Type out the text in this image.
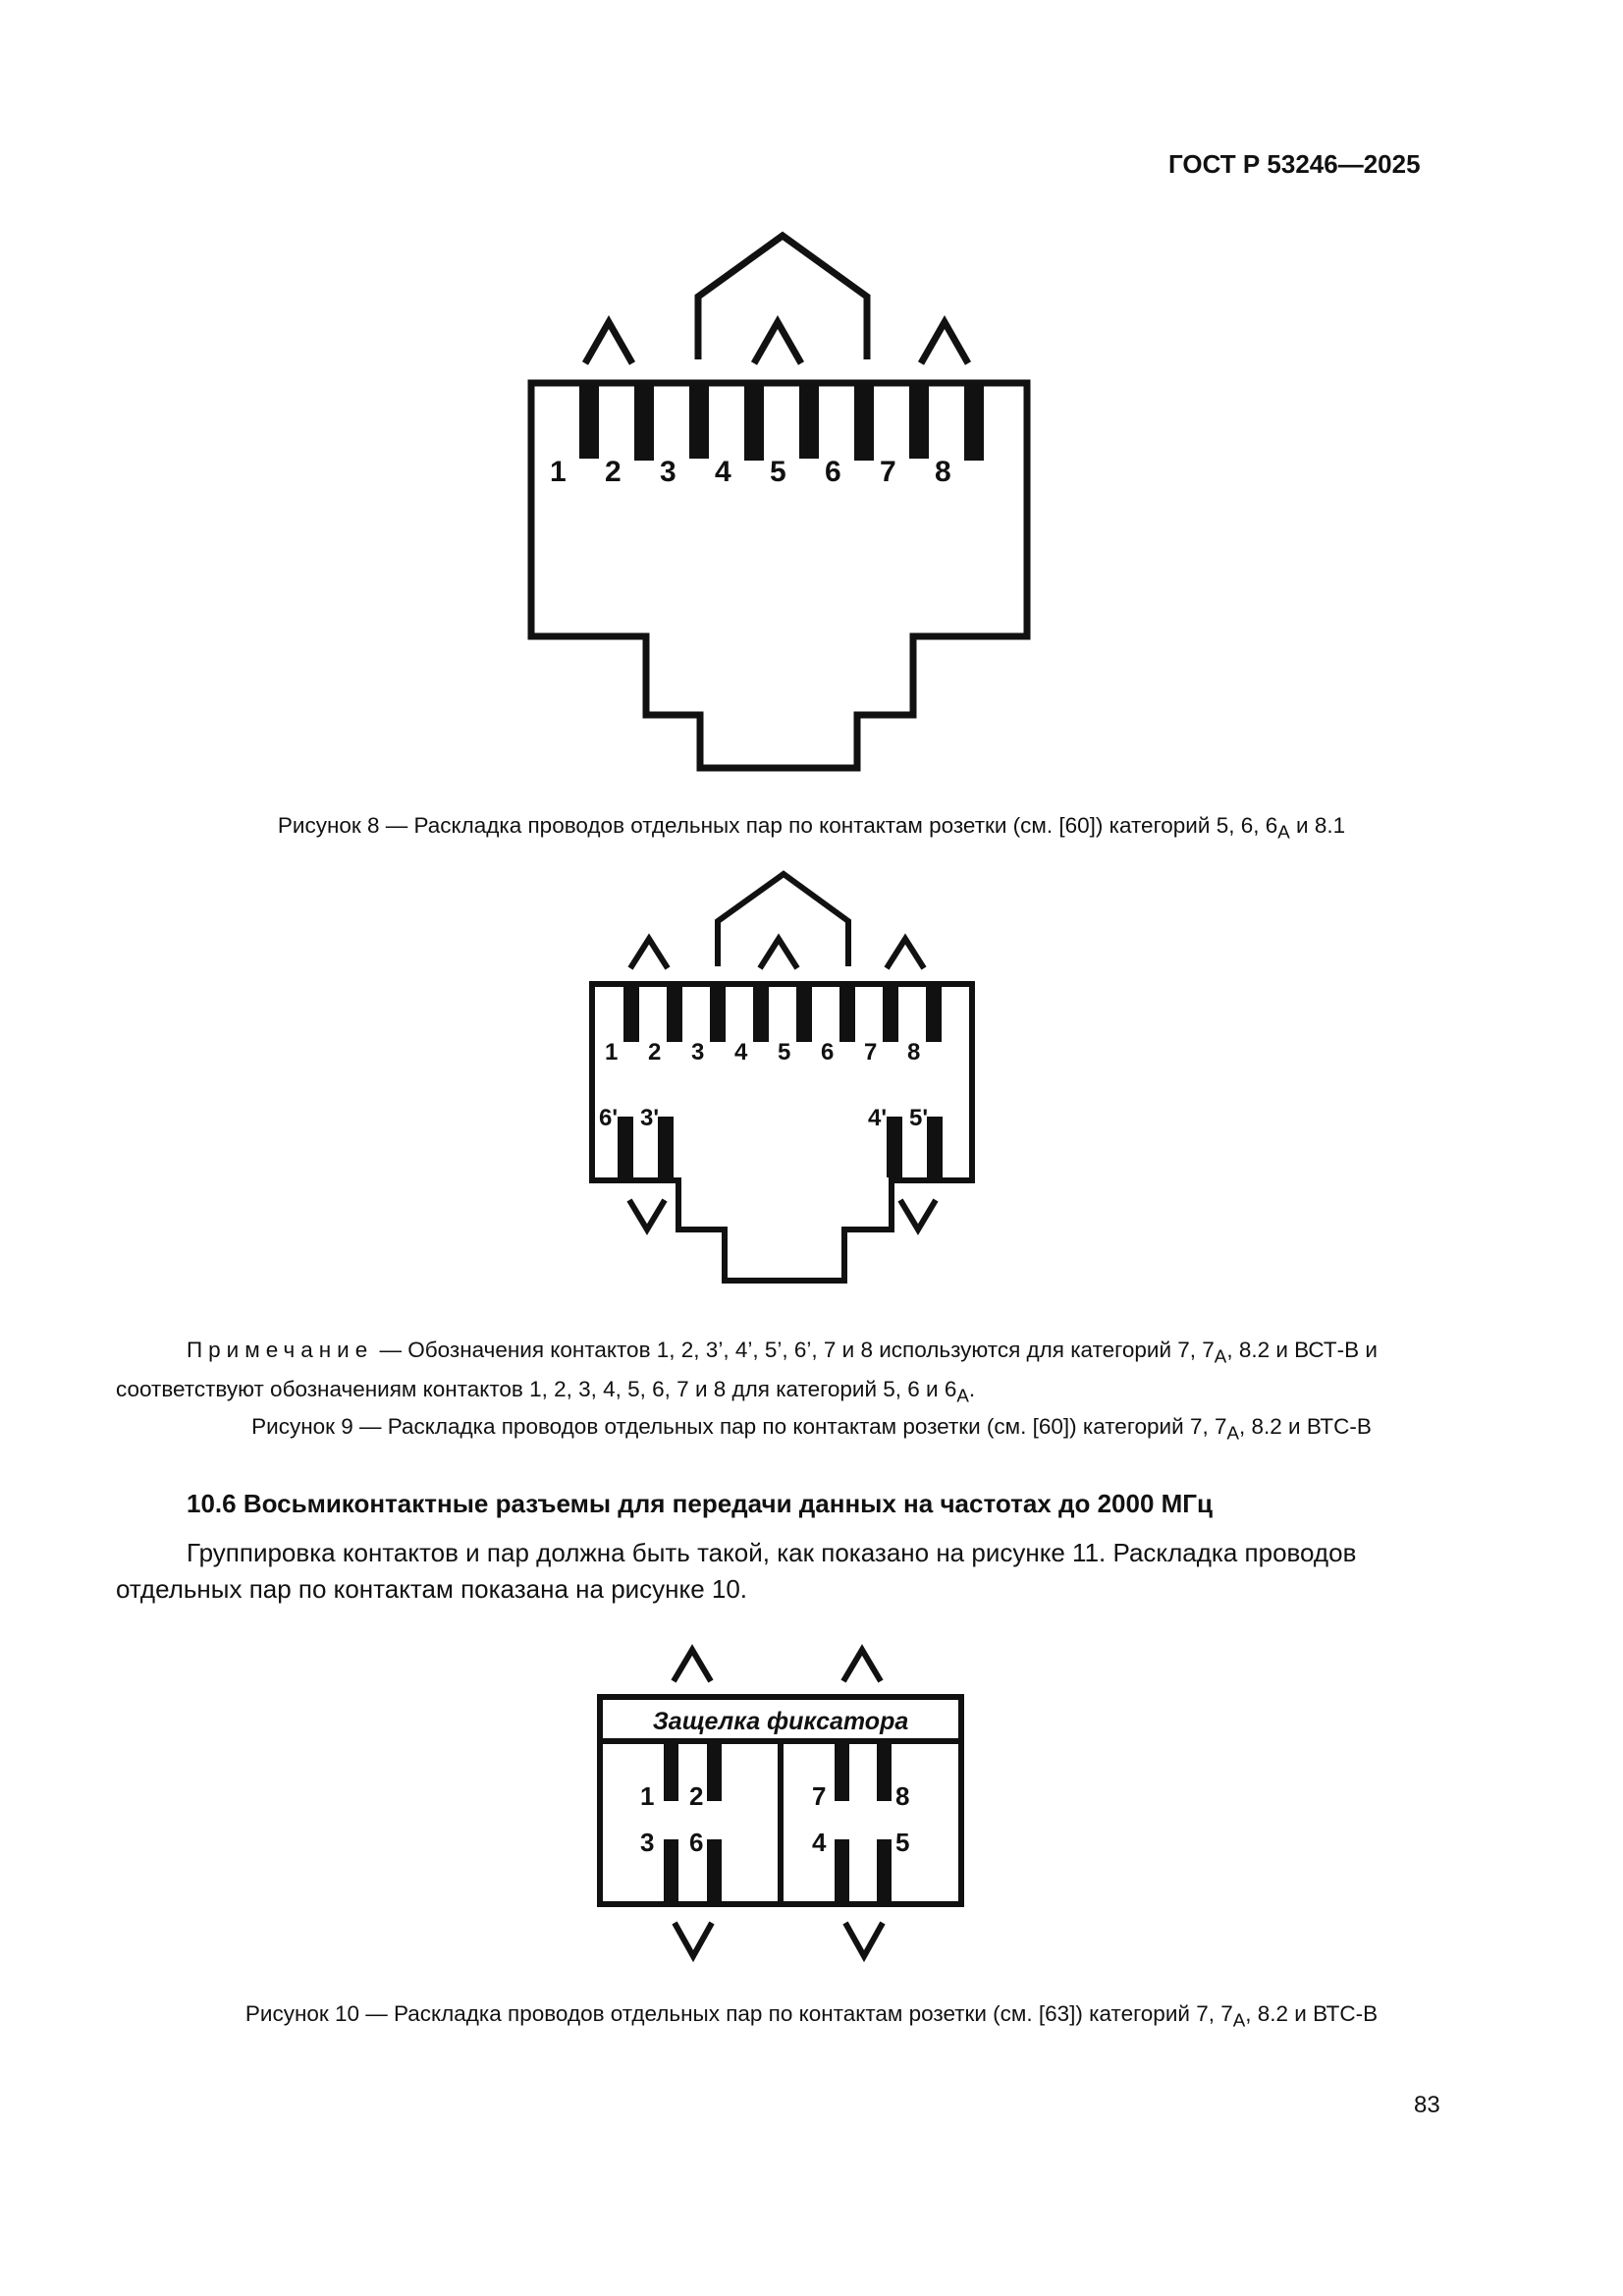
ГОСТ Р 53246—2025
1 2 3 4 5 6 7 8
Рисунок 8 — Раскладка проводов отдельных пар по контактам розетки (см. [60]) категорий 5, 6, $6_A$ и 8.1
1 2 3 4 5 6 7 8
6' 3'	4' 5'
Примечание — Обозначения контактов 1, 2, 3’, 4’, 5’, 6’, 7 и 8 используются для категорий 7, $7_A$, 8.2 и ВСТ-В и соответствуют обозначениям контактов 1, 2, 3, 4, 5, 6, 7 и 8 для категорий 5, 6 и $6_A$.
Рисунок 9 — Раскладка проводов отдельных пар по контактам розетки (см. [60]) категорий 7, $7_A$, 8.2 и ВТС-В
10.6 Восьмиконтактные разъемы для передачи данных на частотах до 2000 МГц
Группировка контактов и пар должна быть такой, как показано на рисунке 11. Раскладка проводов отдельных пар по контактам показана на рисунке 10.
Защелка фиксатора
1 2
3 6
7	8
4	5
Рисунок 10 — Раскладка проводов отдельных пар по контактам розетки (см. [63]) категорий 7, $7_A$, 8.2 и ВТС-В
83
